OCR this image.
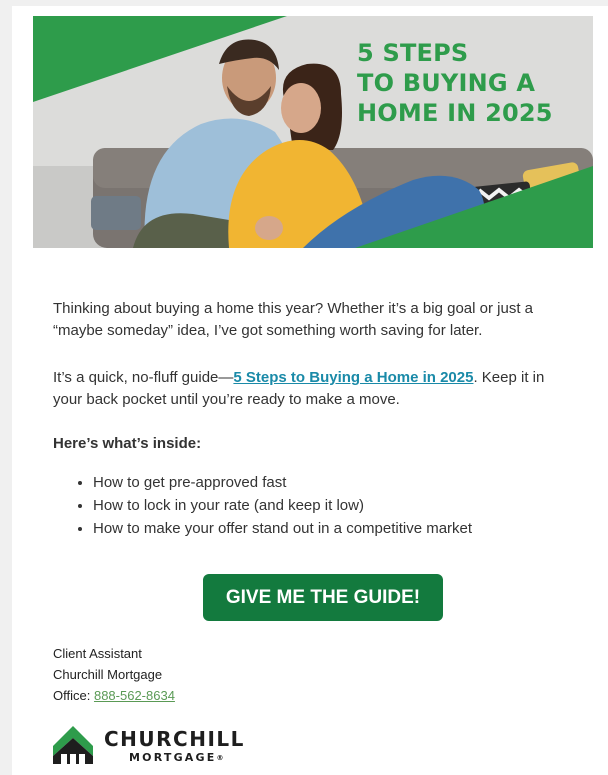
5 STEPS
TO BUYING A
HOME IN 2025

Thinking about buying a home this year? Whether it’s a big goal or just a “maybe someday” idea, I’ve got something worth saving for later.

It’s a quick, no-fluff guide—5 Steps to Buying a Home in 2025. Keep it in your back pocket until you’re ready to make a move.

Here’s what’s inside:

• How to get pre-approved fast
• How to lock in your rate (and keep it low)
• How to make your offer stand out in a competitive market
GIVE ME THE GUIDE!
Client Assistant
Churchill Mortgage
Office: 888-562-8634

CHURCHILL

MORTGAGE®
